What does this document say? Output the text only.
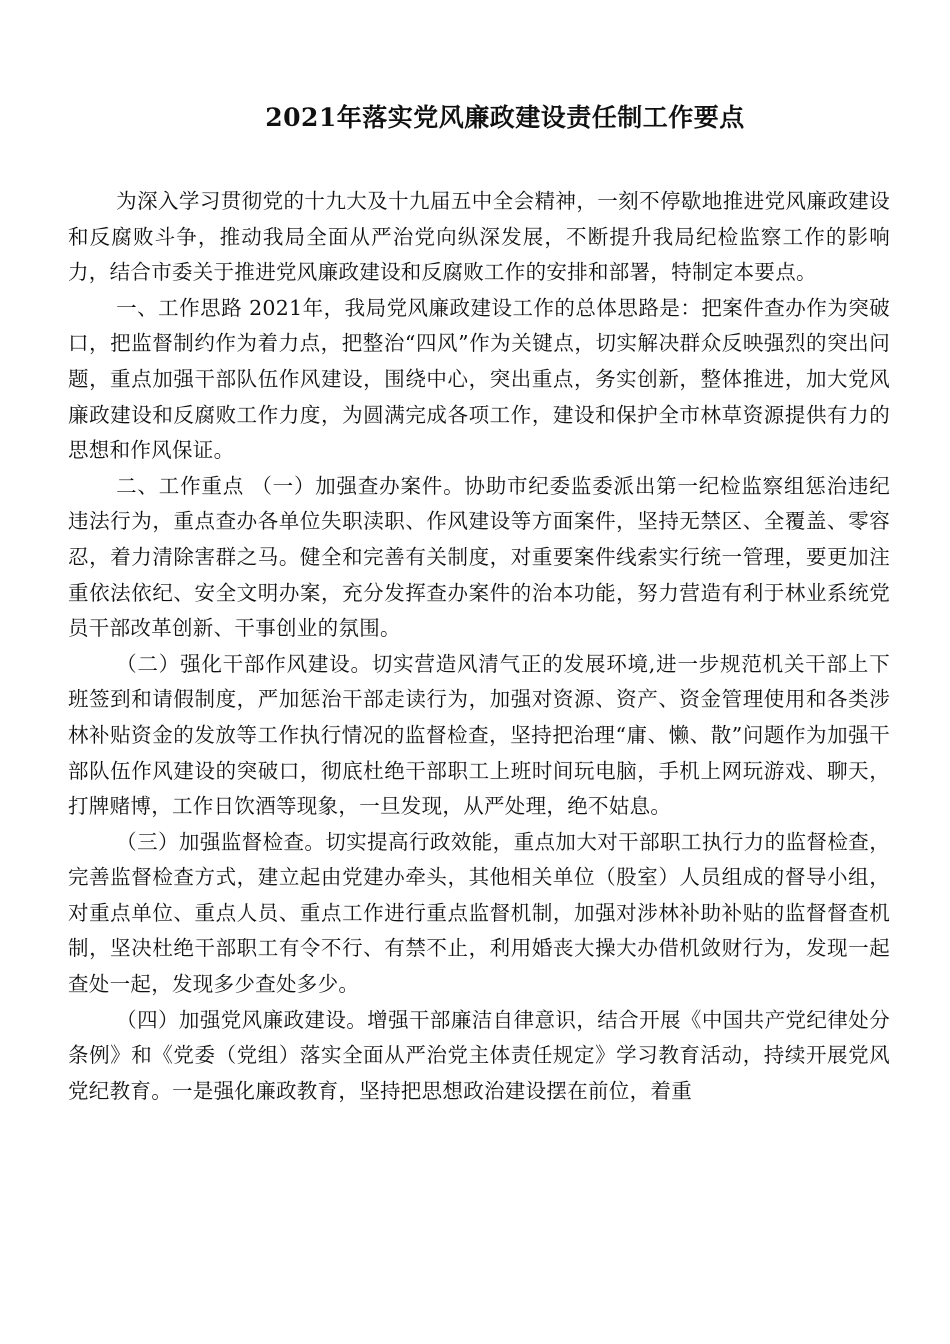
2021年落实党风廉政建设责任制工作要点

为深入学习贯彻党的十九大及十九届五中全会精神，一刻不停歇地推进党风廉政建设和反腐败斗争，推动我局全面从严治党向纵深发展，不断提升我局纪检监察工作的影响力，结合市委关于推进党风廉政建设和反腐败工作的安排和部署，特制定本要点。

一、工作思路 2021年，我局党风廉政建设工作的总体思路是：把案件查办作为突破口，把监督制约作为着力点，把整治“四风”作为关键点，切实解决群众反映强烈的突出问题，重点加强干部队伍作风建设，围绕中心，突出重点，务实创新，整体推进，加大党风廉政建设和反腐败工作力度，为圆满完成各项工作，建设和保护全市林草资源提供有力的思想和作风保证。

二、工作重点 （一）加强查办案件。协助市纪委监委派出第一纪检监察组惩治违纪违法行为，重点查办各单位失职渎职、作风建设等方面案件，坚持无禁区、全覆盖、零容忍，着力清除害群之马。健全和完善有关制度，对重要案件线索实行统一管理，要更加注重依法依纪、安全文明办案，充分发挥查办案件的治本功能，努力营造有利于林业系统党员干部改革创新、干事创业的氛围。

（二）强化干部作风建设。切实营造风清气正的发展环境,进一步规范机关干部上下班签到和请假制度，严加惩治干部走读行为，加强对资源、资产、资金管理使用和各类涉林补贴资金的发放等工作执行情况的监督检查，坚持把治理“庸、懒、散”问题作为加强干部队伍作风建设的突破口，彻底杜绝干部职工上班时间玩电脑，手机上网玩游戏、聊天，打牌赌博，工作日饮酒等现象，一旦发现，从严处理，绝不姑息。

（三）加强监督检查。切实提高行政效能，重点加大对干部职工执行力的监督检查，完善监督检查方式，建立起由党建办牵头，其他相关单位（股室）人员组成的督导小组，对重点单位、重点人员、重点工作进行重点监督机制，加强对涉林补助补贴的监督督查机制，坚决杜绝干部职工有令不行、有禁不止，利用婚丧大操大办借机敛财行为，发现一起查处一起，发现多少查处多少。

（四）加强党风廉政建设。增强干部廉洁自律意识，结合开展《中国共产党纪律处分条例》和《党委（党组）落实全面从严治党主体责任规定》学习教育活动，持续开展党风党纪教育。一是强化廉政教育，坚持把思想政治建设摆在前位，着重
